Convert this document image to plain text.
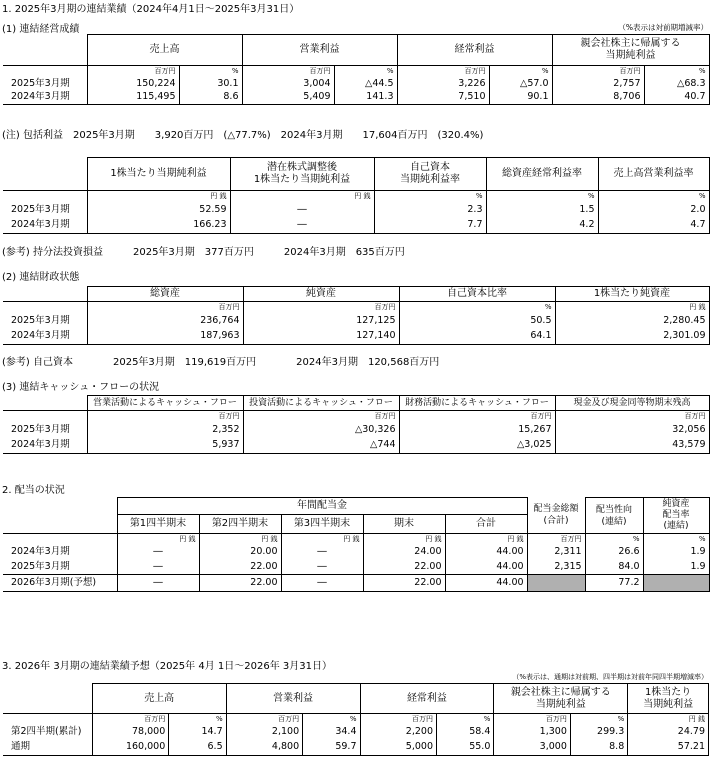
1. 2025年3月期の連結業績（2024年4月1日～2025年3月31日）
(1) 連結経営成績	（%表示は対前期増減率）
	売上高		営業利益		経常利益		親会社株主に帰属する
当期純利益	
	百万円	%	百万円	%	百万円	%	百万円	%
2025年3月期	150,224	30.1	3,004	△44.5	3,226	△57.0	2,757	△68.3
2024年3月期	115,495	8.6	5,409	141.3	7,510	90.1	8,706	40.7
(注) 包括利益　2025年3月期　　3,920百万円　(△77.7%)　2024年3月期　　17,604百万円　(320.4%)
	1株当たり当期純利益	潜在株式調整後
1株当たり当期純利益	自己資本
当期純利益率	総資産経常利益率	売上高営業利益率
	円 銭	円 銭	%	%	%
2025年3月期	52.59	―	2.3	1.5	2.0
2024年3月期	166.23	―	7.7	4.2	4.7
(参考) 持分法投資損益　　　2025年3月期　377百万円　　　2024年3月期　635百万円
(2) 連結財政状態
	総資産	純資産	自己資本比率	1株当たり純資産
	百万円	百万円	%	円 銭
2025年3月期	236,764	127,125	50.5	2,280.45
2024年3月期	187,963	127,140	64.1	2,301.09
(参考) 自己資本　　　　2025年3月期　119,619百万円　　　　2024年3月期　120,568百万円
(3) 連結キャッシュ・フローの状況
	営業活動によるキャッシュ・フロー	投資活動によるキャッシュ・フロー	財務活動によるキャッシュ・フロー	現金及び現金同等物期末残高
	百万円	百万円	百万円	百万円
2025年3月期	2,352	△30,326	15,267	32,056
2024年3月期	5,937	△744	△3,025	43,579
2. 配当の状況
	年間配当金					配当金総額
(合計)	配当性向
(連結)	純資産
配当率
(連結)
	第1四半期末	第2四半期末	第3四半期末	期末	合計			
	円 銭	円 銭	円 銭	円 銭	円 銭	百万円	%	%
2024年3月期	―	20.00	―	24.00	44.00	2,311	26.6	1.9
2025年3月期	―	22.00	―	22.00	44.00	2,315	84.0	1.9
2026年3月期(予想)	―	22.00	―	22.00	44.00		77.2	
3. 2026年 3月期の連結業績予想（2025年 4月 1日～2026年 3月31日）
（%表示は、通期は対前期、四半期は対前年同四半期増減率）
	売上高		営業利益		経常利益		親会社株主に帰属する
当期純利益		1株当たり
当期純利益
	百万円	%	百万円	%	百万円	%	百万円	%	円 銭
第2四半期(累計)	78,000	14.7	2,100	34.4	2,200	58.4	1,300	299.3	24.79
通期	160,000	6.5	4,800	59.7	5,000	55.0	3,000	8.8	57.21
